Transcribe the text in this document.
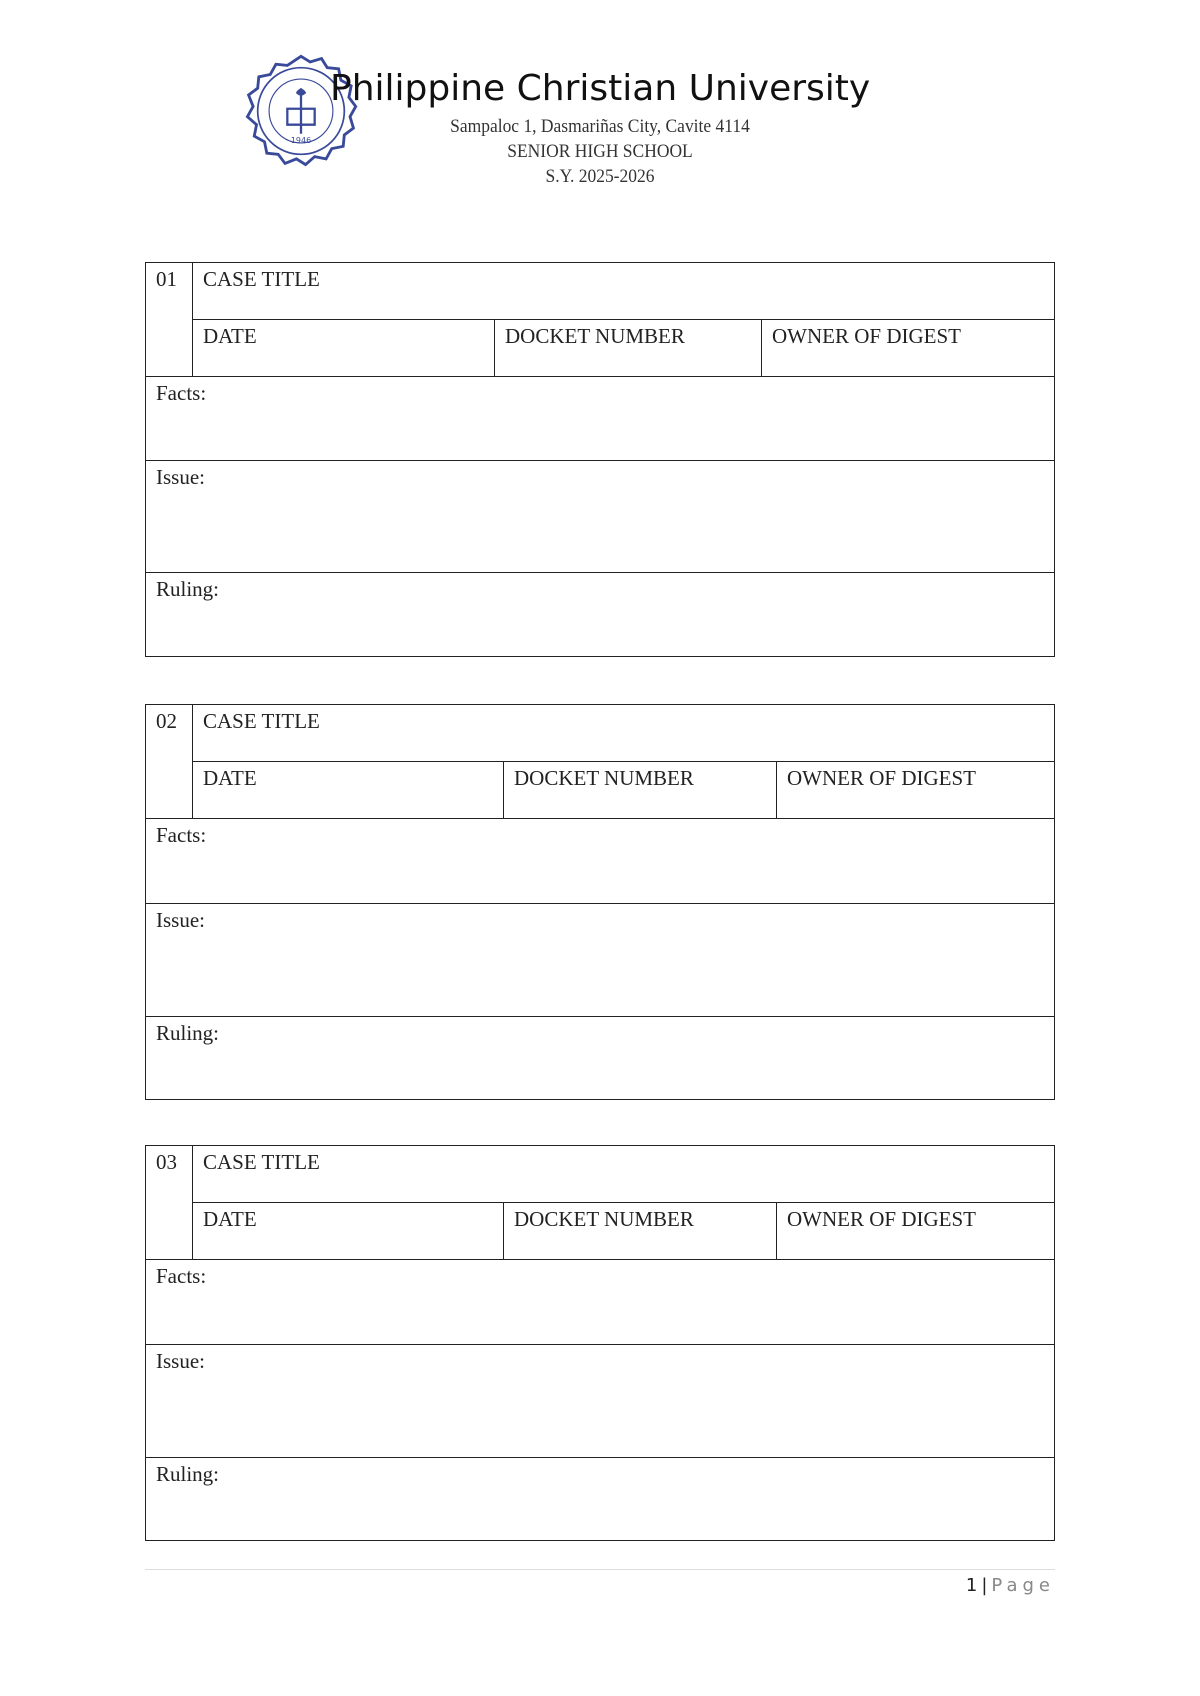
1946
Philippine Christian University
Sampaloc 1, Dasmariñas City, Cavite 4114
SENIOR HIGH SCHOOL
S.Y. 2025-2026
01	CASE TITLE
DATE	DOCKET NUMBER	OWNER OF DIGEST
Facts:
Issue:
Ruling:
02	CASE TITLE
DATE	DOCKET NUMBER	OWNER OF DIGEST
Facts:
Issue:
Ruling:
03	CASE TITLE
DATE	DOCKET NUMBER	OWNER OF DIGEST
Facts:
Issue:
Ruling:
1 | Page
